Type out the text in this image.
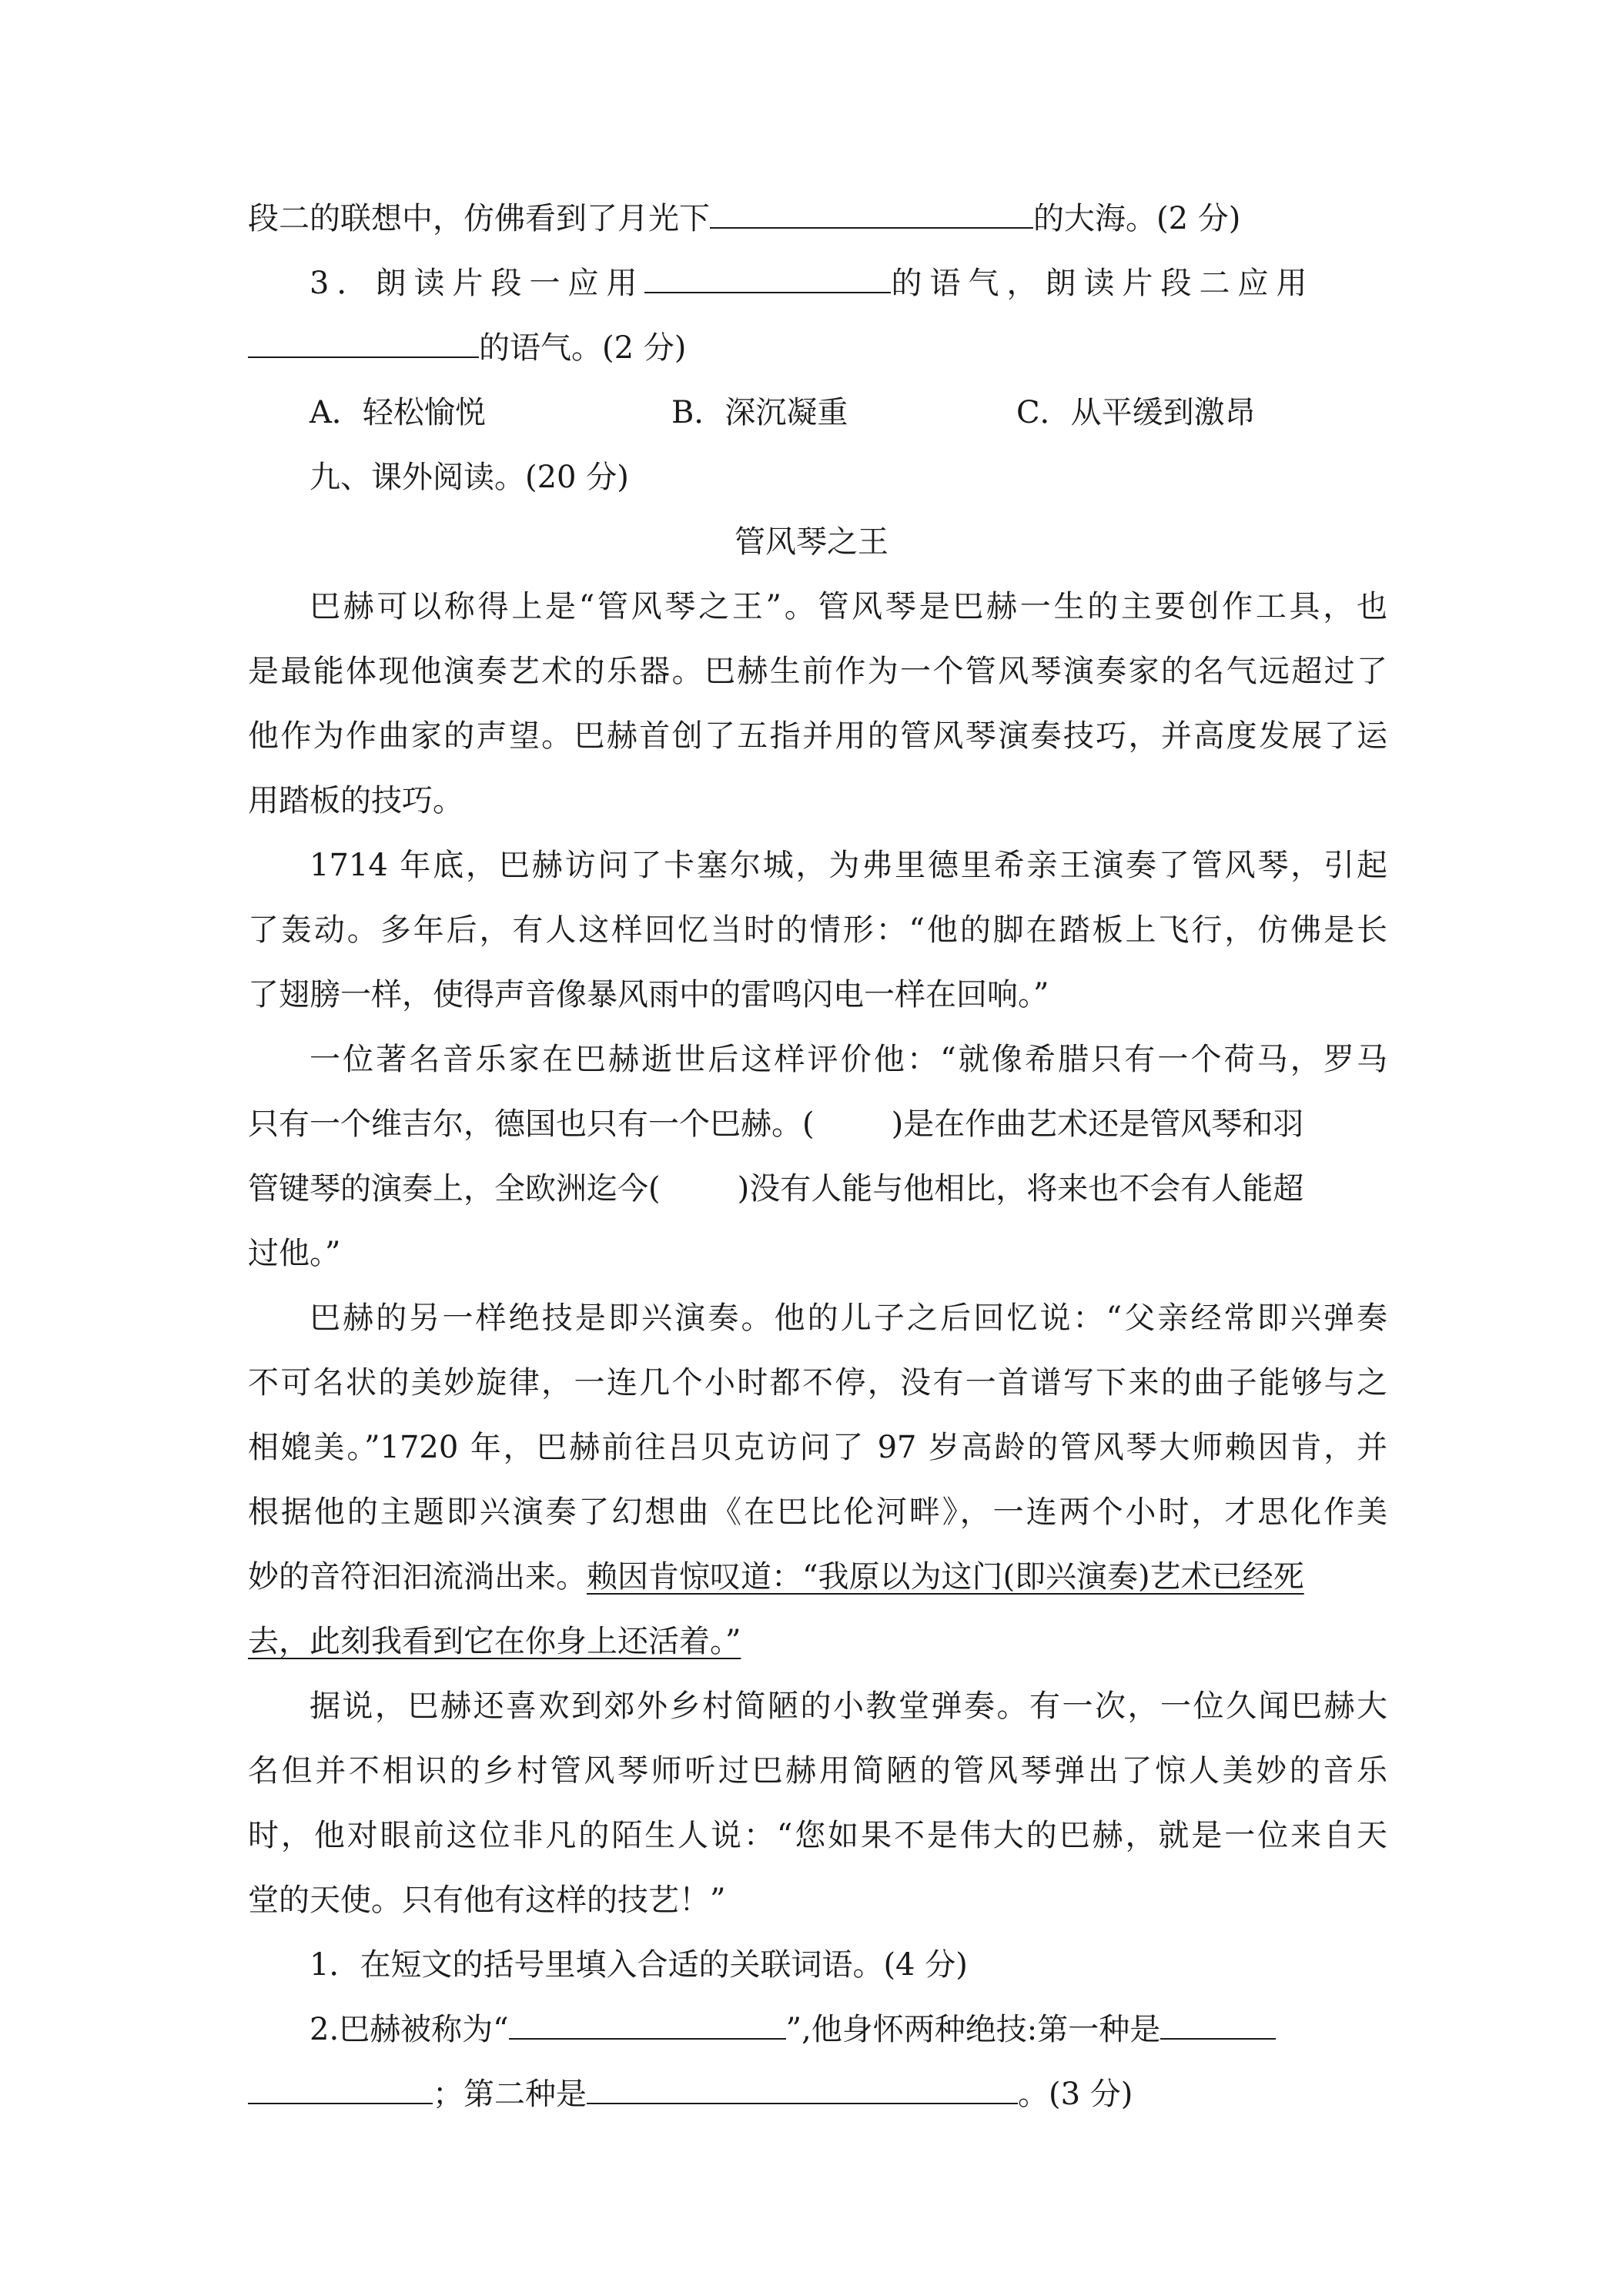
段二的联想中，仿佛看到了月光下	的大海。(2 分)
3．朗读片段一应用	的语气，朗读片段二应用
的语气。(2 分)
A．轻松愉悦	B．深沉凝重	C．从平缓到激昂
九、课外阅读。(20 分)
管风琴之王
巴赫可以称得上是“管风琴之王”。管风琴是巴赫一生的主要创作工具，也
是最能体现他演奏艺术的乐器。巴赫生前作为一个管风琴演奏家的名气远超过了
他作为作曲家的声望。巴赫首创了五指并用的管风琴演奏技巧，并高度发展了运
用踏板的技巧。
1714 年底，巴赫访问了卡塞尔城，为弗里德里希亲王演奏了管风琴，引起
了轰动。多年后，有人这样回忆当时的情形：“他的脚在踏板上飞行，仿佛是长
了翅膀一样，使得声音像暴风雨中的雷鸣闪电一样在回响。”
一位著名音乐家在巴赫逝世后这样评价他：“就像希腊只有一个荷马，罗马
只有一个维吉尔，德国也只有一个巴赫。(	)是在作曲艺术还是管风琴和羽
管键琴的演奏上，全欧洲迄今(	)没有人能与他相比，将来也不会有人能超
过他。”
巴赫的另一样绝技是即兴演奏。他的儿子之后回忆说：“父亲经常即兴弹奏
不可名状的美妙旋律，一连几个小时都不停，没有一首谱写下来的曲子能够与之
相媲美。”1720 年，巴赫前往吕贝克访问了 97 岁高龄的管风琴大师赖因肯，并
根据他的主题即兴演奏了幻想曲《在巴比伦河畔》，一连两个小时，才思化作美
妙的音符汩汩流淌出来。赖因肯惊叹道：“我原以为这门(即兴演奏)艺术已经死
去，此刻我看到它在你身上还活着。”
据说，巴赫还喜欢到郊外乡村简陋的小教堂弹奏。有一次，一位久闻巴赫大
名但并不相识的乡村管风琴师听过巴赫用简陋的管风琴弹出了惊人美妙的音乐
时，他对眼前这位非凡的陌生人说：“您如果不是伟大的巴赫，就是一位来自天
堂的天使。只有他有这样的技艺！”
1．在短文的括号里填入合适的关联词语。(4 分)
2.巴赫被称为“	”,他身怀两种绝技:第一种是
；第二种是	。(3 分)
